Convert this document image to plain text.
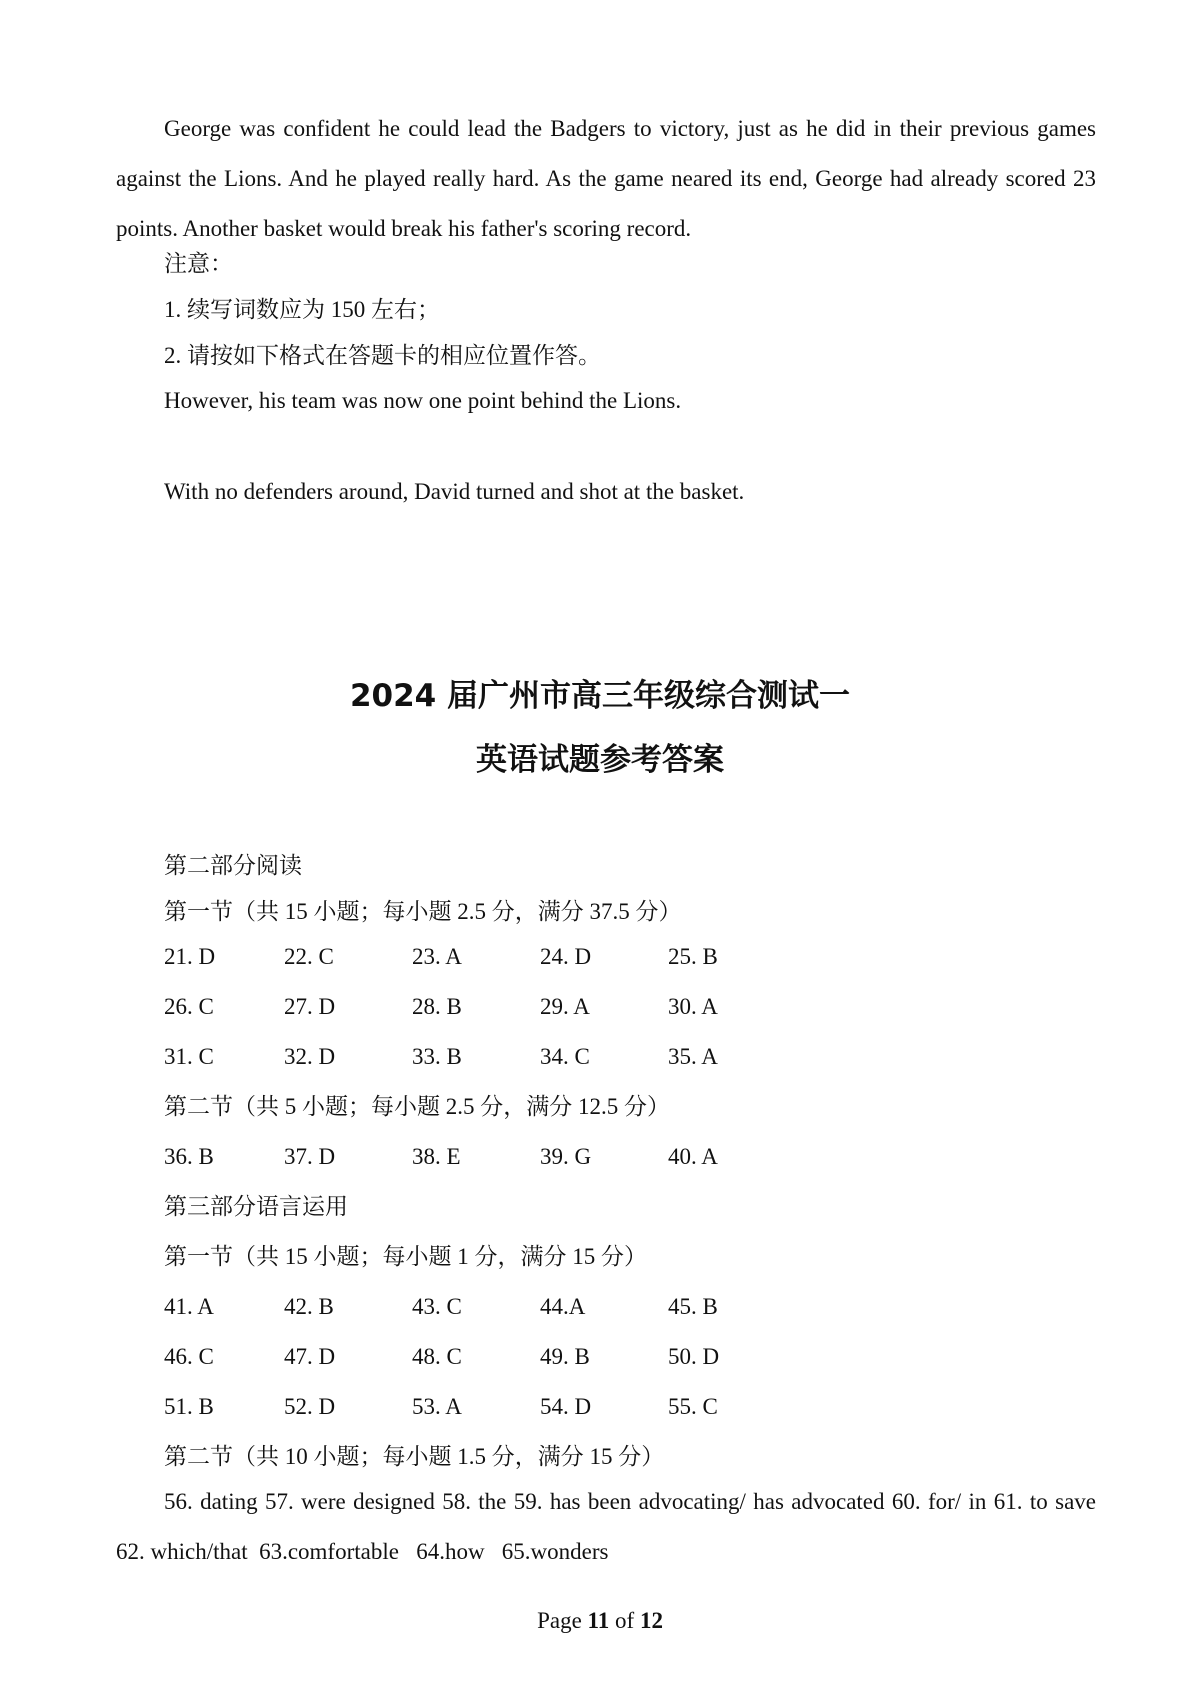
George was confident he could lead the Badgers to victory, just as he did in their previous games against the Lions. And he played really hard. As the game neared its end, George had already scored 23 points. Another basket would break his father's scoring record.

注意：

1. 续写词数应为 150 左右；

2. 请按如下格式在答题卡的相应位置作答。

However, his team was now one point behind the Lions.

With no defenders around, David turned and shot at the basket.

2024 届广州市高三年级综合测试一
英语试题参考答案

第二部分阅读

第一节（共 15 小题；每小题 2.5 分，满分 37.5 分）

21. D	22. C	23. A	24. D	25. B
26. C	27. D	28. B	29. A	30. A
31. C	32. D	33. B	34. C	35. A

第二节（共 5 小题；每小题 2.5 分，满分 12.5 分）

36. B	37. D	38. E	39. G	40. A

第三部分语言运用

第一节（共 15 小题；每小题 1 分，满分 15 分）

41. A	42. B	43. C	44.A	45. B
46. C	47. D	48. C	49. B	50. D
51. B	52. D	53. A	54. D	55. C

第二节（共 10 小题；每小题 1.5 分，满分 15 分）

56. dating 57. were designed 58. the 59. has been advocating/ has advocated 60. for/ in 61. to save 62. which/that  63.comfortable   64.how   65.wonders

Page 11 of 12
